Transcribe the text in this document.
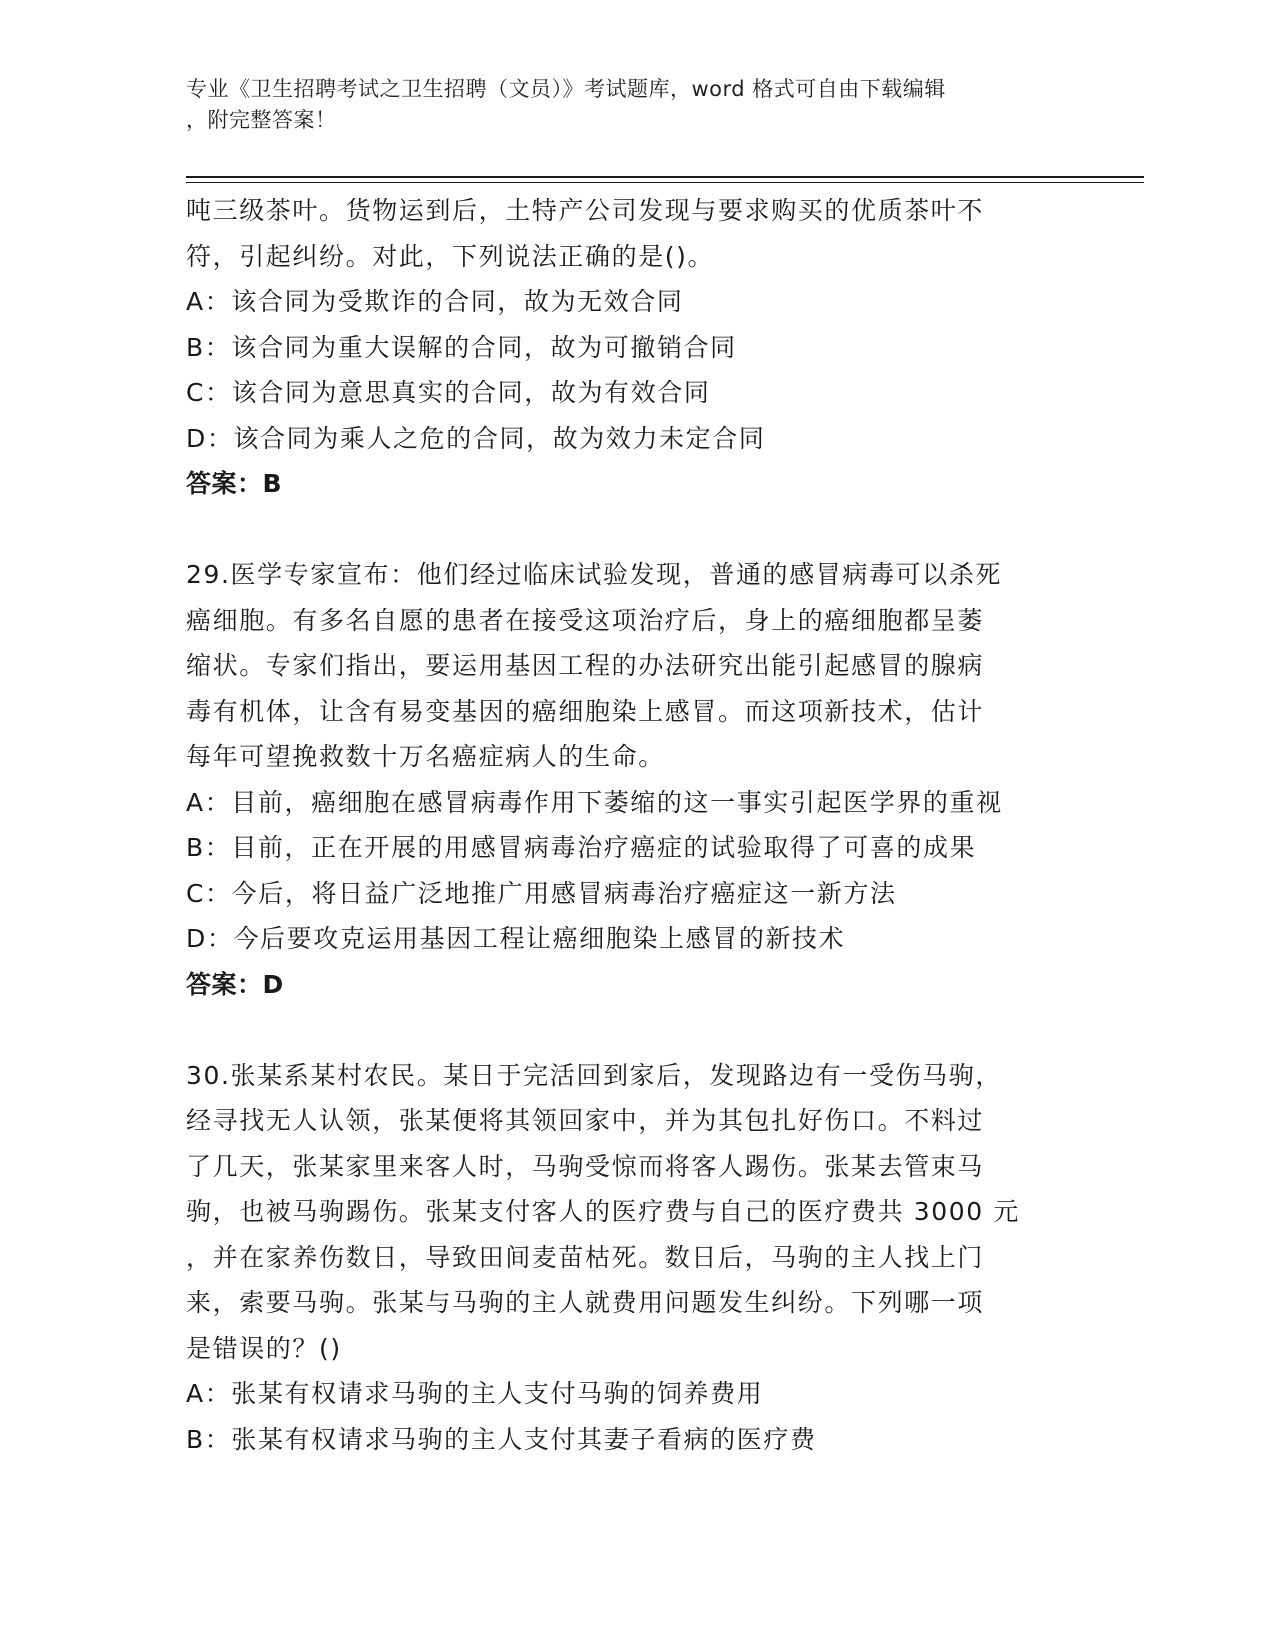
专业《卫生招聘考试之卫生招聘（文员）》考试题库，word 格式可自由下载编辑
，附完整答案！
吨三级茶叶。货物运到后，土特产公司发现与要求购买的优质茶叶不
符，引起纠纷。对此，下列说法正确的是()。
A：该合同为受欺诈的合同，故为无效合同
B：该合同为重大误解的合同，故为可撤销合同
C：该合同为意思真实的合同，故为有效合同
D：该合同为乘人之危的合同，故为效力未定合同
答案：B
29.医学专家宣布：他们经过临床试验发现，普通的感冒病毒可以杀死
癌细胞。有多名自愿的患者在接受这项治疗后，身上的癌细胞都呈萎
缩状。专家们指出，要运用基因工程的办法研究出能引起感冒的腺病
毒有机体，让含有易变基因的癌细胞染上感冒。而这项新技术，估计
每年可望挽救数十万名癌症病人的生命。
A：目前，癌细胞在感冒病毒作用下萎缩的这一事实引起医学界的重视
B：目前，正在开展的用感冒病毒治疗癌症的试验取得了可喜的成果
C：今后，将日益广泛地推广用感冒病毒治疗癌症这一新方法
D：今后要攻克运用基因工程让癌细胞染上感冒的新技术
答案：D
30.张某系某村农民。某日于完活回到家后，发现路边有一受伤马驹，
经寻找无人认领，张某便将其领回家中，并为其包扎好伤口。不料过
了几天，张某家里来客人时，马驹受惊而将客人踢伤。张某去管束马
驹，也被马驹踢伤。张某支付客人的医疗费与自己的医疗费共 3000 元
，并在家养伤数日，导致田间麦苗枯死。数日后，马驹的主人找上门
来，索要马驹。张某与马驹的主人就费用问题发生纠纷。下列哪一项
是错误的？()
A：张某有权请求马驹的主人支付马驹的饲养费用
B：张某有权请求马驹的主人支付其妻子看病的医疗费
